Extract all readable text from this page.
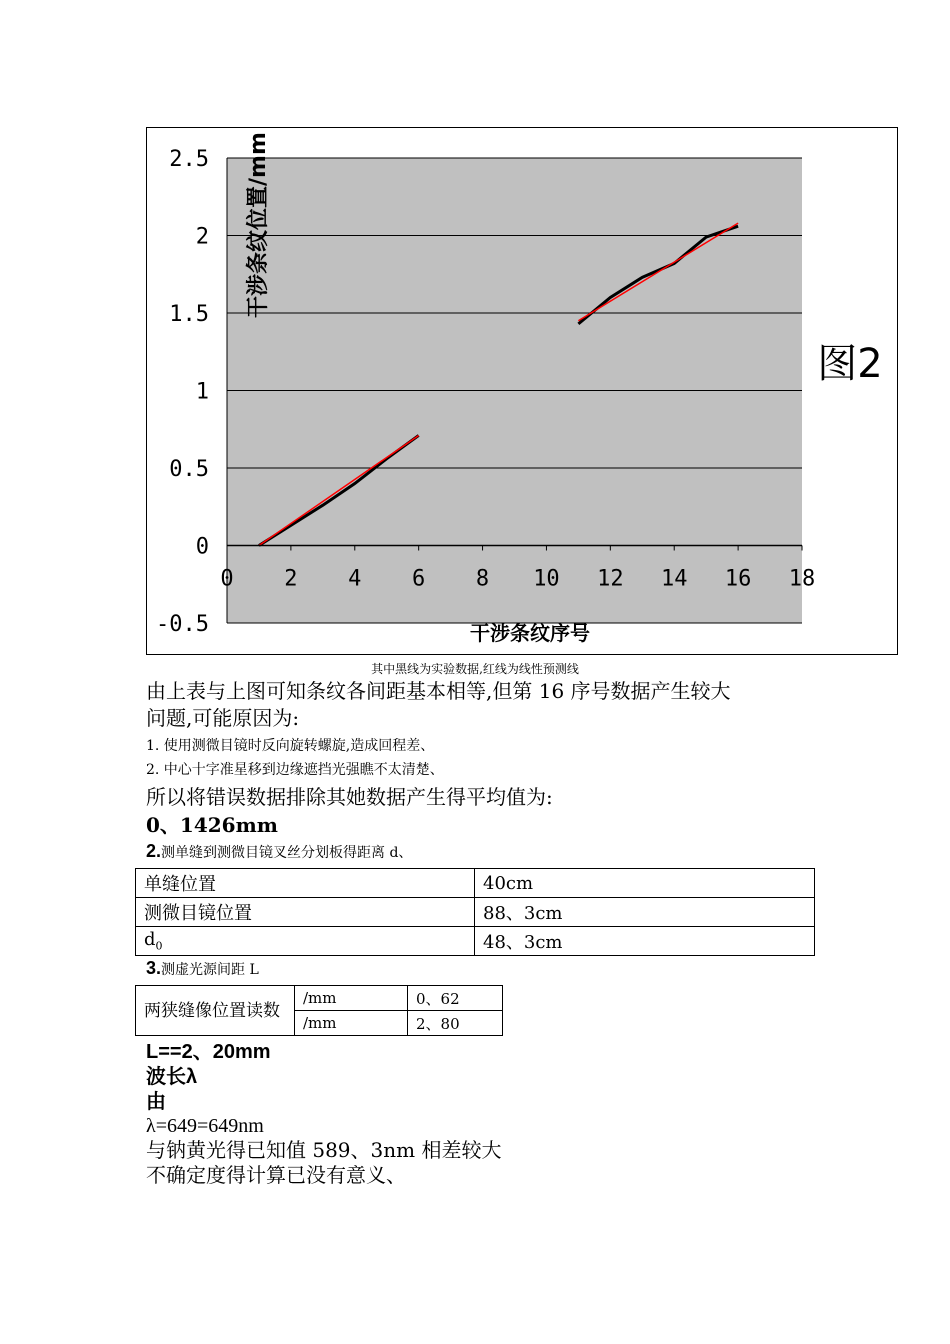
0 2 4 6 8 10 12 14 16 18
-0.5
0
0.5
1
1.5
2
2.5 干涉条纹位置/mm
干涉条纹序号
图2
其中黑线为实验数据,红线为线性预测线
由上表与上图可知条纹各间距基本相等,但第 16 序号数据产生较大
问题,可能原因为:
1. 使用测微目镜时反向旋转螺旋,造成回程差、
2. 中心十字准星移到边缘遮挡光强瞧不太清楚、
所以将错误数据排除其她数据产生得平均值为:
0、1426mm
2.测单缝到测微目镜叉丝分划板得距离 d、
单缝位置	40cm
测微目镜位置	88、3cm
$d_0$	48、3cm
3.测虚光源间距 L
两狭缝像位置读数	/mm	0、62
	/mm	2、80
L==2、20mm
波长λ
由
λ=649=649nm
与钠黄光得已知值 589、3nm 相差较大
不确定度得计算已没有意义、
